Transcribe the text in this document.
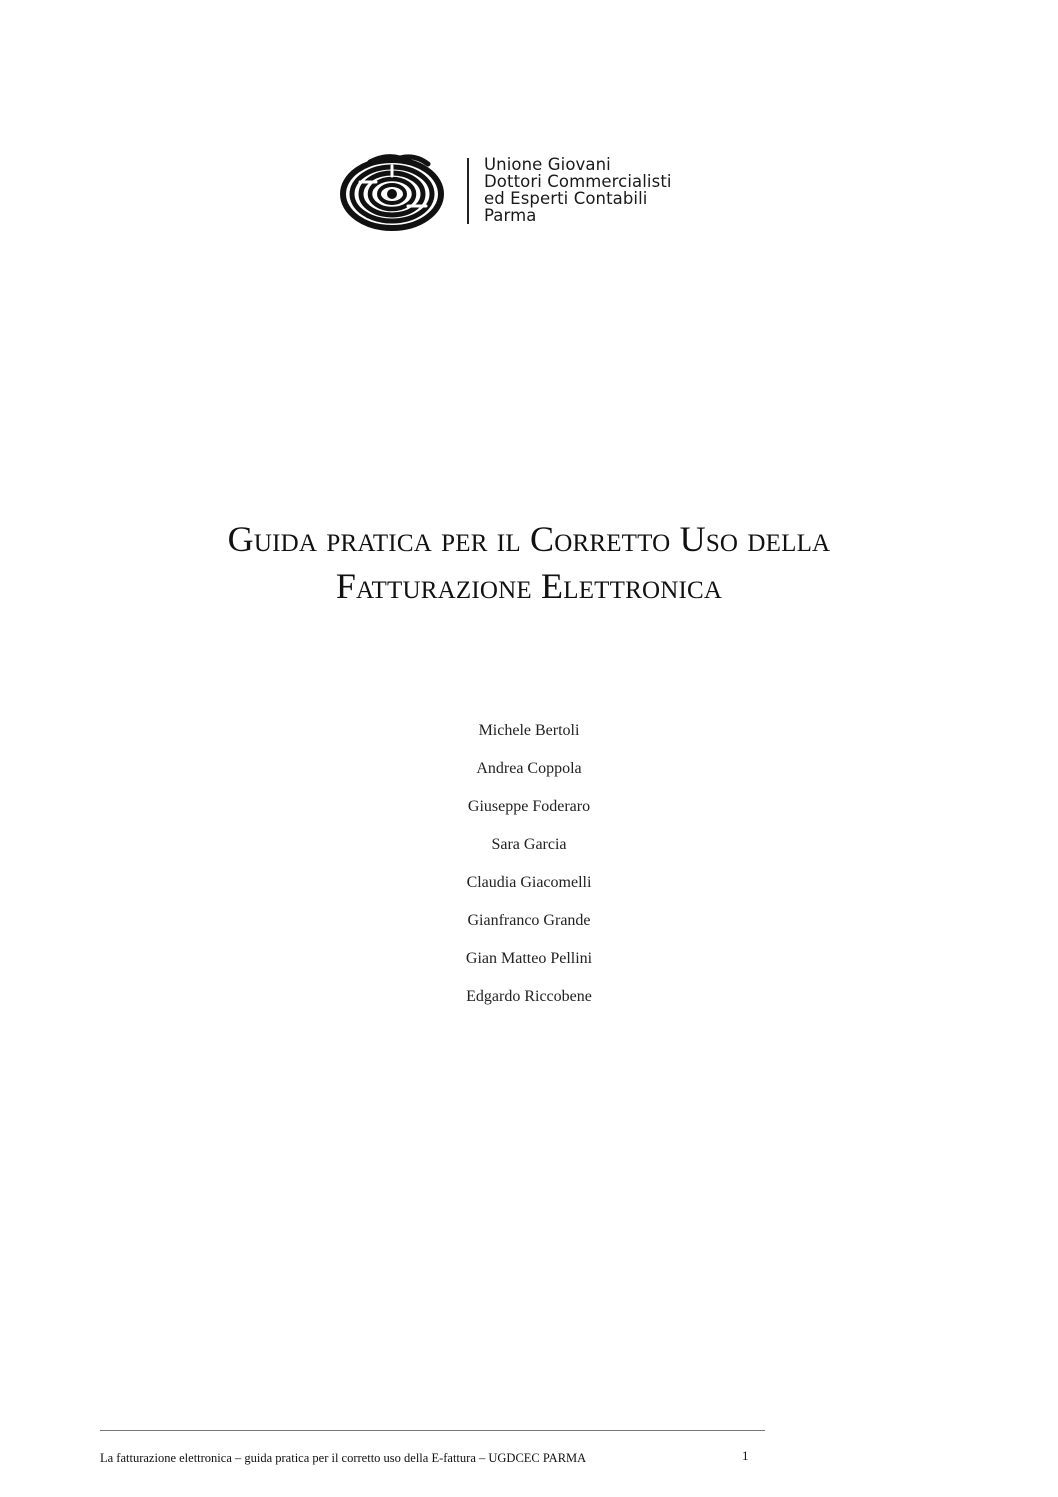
Unione Giovani
Dottori Commercialisti
ed Esperti Contabili
Parma
Guida pratica per il Corretto Uso della
Fatturazione Elettronica
Michele Bertoli
Andrea Coppola
Giuseppe Foderaro
Sara Garcia
Claudia Giacomelli
Gianfranco Grande
Gian Matteo Pellini
Edgardo Riccobene
La fatturazione elettronica – guida pratica per il corretto uso della E-fattura – UGDCEC PARMA	1
